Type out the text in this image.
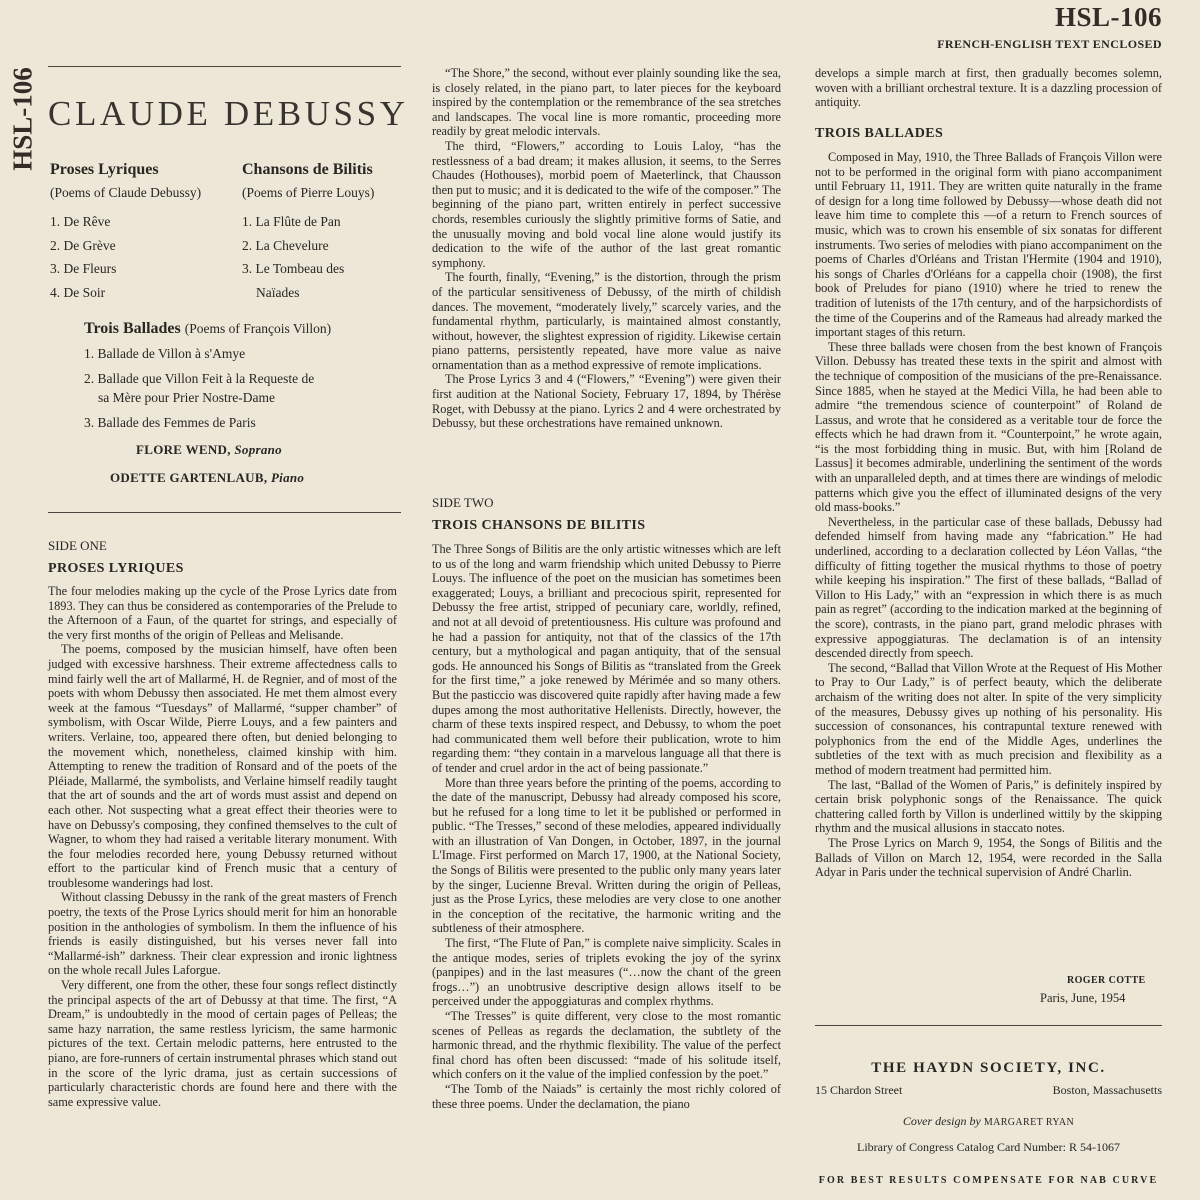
HSL-106
FRENCH-ENGLISH TEXT ENCLOSED
HSL-106 CLAUDE DEBUSSY
Proses Lyriques
(Poems of Claude Debussy)
1. De Rêve
2. De Grève
3. De Fleurs
4. De Soir
Chansons de Bilitis
(Poems of Pierre Louys)
1. La Flûte de Pan
2. La Chevelure
3. Le Tombeau des
Naïades
Trois Ballades (Poems of François Villon)
1. Ballade de Villon à s'Amye
2. Ballade que Villon Feit à la Requeste de
sa Mère pour Prier Nostre-Dame
3. Ballade des Femmes de Paris
FLORE WEND, Soprano
ODETTE GARTENLAUB, Piano
SIDE ONE
PROSES LYRIQUES

The four melodies making up the cycle of the Prose Lyrics date from 1893. They can thus be considered as contemporaries of the Prelude to the Afternoon of a Faun, of the quartet for strings, and especially of the very first months of the origin of Pelleas and Melisande.

The poems, composed by the musician himself, have often been judged with excessive harshness. Their extreme affectedness calls to mind fairly well the art of Mallarmé, H. de Regnier, and of most of the poets with whom Debussy then associated. He met them almost every week at the famous “Tuesdays” of Mallarmé, “supper chamber” of symbolism, with Oscar Wilde, Pierre Louys, and a few painters and writers. Verlaine, too, appeared there often, but denied belonging to the movement which, nonetheless, claimed kinship with him. Attempting to renew the tradition of Ronsard and of the poets of the Pléiade, Mallarmé, the symbolists, and Verlaine himself readily taught that the art of sounds and the art of words must assist and depend on each other. Not suspecting what a great effect their theories were to have on Debussy's composing, they confined themselves to the cult of Wagner, to whom they had raised a veritable literary monument. With the four melodies recorded here, young Debussy returned without effort to the particular kind of French music that a century of troublesome wanderings had lost.

Without classing Debussy in the rank of the great masters of French poetry, the texts of the Prose Lyrics should merit for him an honorable position in the anthologies of symbolism. In them the influence of his friends is easily distinguished, but his verses never fall into “Mallarmé-ish” darkness. Their clear expression and ironic lightness on the whole recall Jules Laforgue.

Very different, one from the other, these four songs reflect distinctly the principal aspects of the art of Debussy at that time. The first, “A Dream,” is undoubtedly in the mood of certain pages of Pelleas; the same hazy narration, the same restless lyricism, the same harmonic pictures of the text. Certain melodic patterns, here entrusted to the piano, are fore-runners of certain instrumental phrases which stand out in the score of the lyric drama, just as certain successions of particularly characteristic chords are found here and there with the same expressive value.

“The Shore,” the second, without ever plainly sounding like the sea, is closely related, in the piano part, to later pieces for the keyboard inspired by the contemplation or the remembrance of the sea stretches and landscapes. The vocal line is more romantic, proceeding more readily by great melodic intervals.

The third, “Flowers,” according to Louis Laloy, “has the restlessness of a bad dream; it makes allusion, it seems, to the Serres Chaudes (Hothouses), morbid poem of Maeterlinck, that Chausson then put to music; and it is dedicated to the wife of the composer.” The beginning of the piano part, written entirely in perfect successive chords, resembles curiously the slightly primitive forms of Satie, and the unusually moving and bold vocal line alone would justify its dedication to the wife of the author of the last great romantic symphony.

The fourth, finally, “Evening,” is the distortion, through the prism of the particular sensitiveness of Debussy, of the mirth of childish dances. The movement, “moderately lively,” scarcely varies, and the fundamental rhythm, particularly, is maintained almost constantly, without, however, the slightest expression of rigidity. Likewise certain piano patterns, persistently repeated, have more value as naive ornamentation than as a method expressive of remote implications.

The Prose Lyrics 3 and 4 (“Flowers,” “Evening”) were given their first audition at the National Society, February 17, 1894, by Thérèse Roget, with Debussy at the piano. Lyrics 2 and 4 were orchestrated by Debussy, but these orchestrations have remained unknown.

SIDE TWO
TROIS CHANSONS DE BILITIS

The Three Songs of Bilitis are the only artistic witnesses which are left to us of the long and warm friendship which united Debussy to Pierre Louys. The influence of the poet on the musician has sometimes been exaggerated; Louys, a brilliant and precocious spirit, represented for Debussy the free artist, stripped of pecuniary care, worldly, refined, and not at all devoid of pretentiousness. His culture was profound and he had a passion for antiquity, not that of the classics of the 17th century, but a mythological and pagan antiquity, that of the sensual gods. He announced his Songs of Bilitis as “translated from the Greek for the first time,” a joke renewed by Mérimée and so many others. But the pasticcio was discovered quite rapidly after having made a few dupes among the most authoritative Hellenists. Directly, however, the charm of these texts inspired respect, and Debussy, to whom the poet had communicated them well before their publication, wrote to him regarding them: “they contain in a marvelous language all that there is of tender and cruel ardor in the act of being passionate.”

More than three years before the printing of the poems, according to the date of the manuscript, Debussy had already composed his score, but he refused for a long time to let it be published or performed in public. “The Tresses,” second of these melodies, appeared individually with an illustration of Van Dongen, in October, 1897, in the journal L'Image. First performed on March 17, 1900, at the National Society, the Songs of Bilitis were presented to the public only many years later by the singer, Lucienne Breval. Written during the origin of Pelleas, just as the Prose Lyrics, these melodies are very close to one another in the conception of the recitative, the harmonic writing and the subtleness of their atmosphere.

The first, “The Flute of Pan,” is complete naive simplicity. Scales in the antique modes, series of triplets evoking the joy of the syrinx (panpipes) and in the last measures (“…now the chant of the green frogs…”) an unobtrusive descriptive design allows itself to be perceived under the appoggiaturas and complex rhythms.

“The Tresses” is quite different, very close to the most romantic scenes of Pelleas as regards the declamation, the subtlety of the harmonic thread, and the rhythmic flexibility. The value of the perfect final chord has often been discussed: “made of his solitude itself, which confers on it the value of the implied confession by the poet.”

“The Tomb of the Naiads” is certainly the most richly colored of these three poems. Under the declamation, the piano

develops a simple march at first, then gradually becomes solemn, woven with a brilliant orchestral texture. It is a dazzling procession of antiquity.

TROIS BALLADES

Composed in May, 1910, the Three Ballads of François Villon were not to be performed in the original form with piano accompaniment until February 11, 1911. They are written quite naturally in the frame of design for a long time followed by Debussy—whose death did not leave him time to complete this —of a return to French sources of music, which was to crown his ensemble of six sonatas for different instruments. Two series of melodies with piano accompaniment on the poems of Charles d'Orléans and Tristan l'Hermite (1904 and 1910), his songs of Charles d'Orléans for a cappella choir (1908), the first book of Preludes for piano (1910) where he tried to renew the tradition of lutenists of the 17th century, and of the harpsichordists of the time of the Couperins and of the Rameaus had already marked the important stages of this return.

These three ballads were chosen from the best known of François Villon. Debussy has treated these texts in the spirit and almost with the technique of composition of the musicians of the pre-Renaissance. Since 1885, when he stayed at the Medici Villa, he had been able to admire “the tremendous science of counterpoint” of Roland de Lassus, and wrote that he considered as a veritable tour de force the effects which he had drawn from it. “Counterpoint,” he wrote again, “is the most forbidding thing in music. But, with him [Roland de Lassus] it becomes admirable, underlining the sentiment of the words with an unparalleled depth, and at times there are windings of melodic patterns which give you the effect of illuminated designs of the very old mass-books.”

Nevertheless, in the particular case of these ballads, Debussy had defended himself from having made any “fabrication.” He had underlined, according to a declaration collected by Léon Vallas, “the difficulty of fitting together the musical rhythms to those of poetry while keeping his inspiration.” The first of these ballads, “Ballad of Villon to His Lady,” with an “expression in which there is as much pain as regret” (according to the indication marked at the beginning of the score), contrasts, in the piano part, grand melodic phrases with expressive appoggiaturas. The declamation is of an intensity descended directly from speech.

The second, “Ballad that Villon Wrote at the Request of His Mother to Pray to Our Lady,” is of perfect beauty, which the deliberate archaism of the writing does not alter. In spite of the very simplicity of the measures, Debussy gives up nothing of his personality. His succession of consonances, his contrapuntal texture renewed with polyphonics from the end of the Middle Ages, underlines the subtleties of the text with as much precision and flexibility as a method of modern treatment had permitted him.

The last, “Ballad of the Women of Paris,” is definitely inspired by certain brisk polyphonic songs of the Renaissance. The quick chattering called forth by Villon is underlined wittily by the skipping rhythm and the musical allusions in staccato notes.

The Prose Lyrics on March 9, 1954, the Songs of Bilitis and the Ballads of Villon on March 12, 1954, were recorded in the Salla Adyar in Paris under the technical supervision of André Charlin.

ROGER COTTE
Paris, June, 1954
THE HAYDN SOCIETY, INC.
15 Chardon Street	Boston, Massachusetts
Cover design by MARGARET RYAN
Library of Congress Catalog Card Number: R 54-1067
FOR BEST RESULTS COMPENSATE FOR NAB CURVE
